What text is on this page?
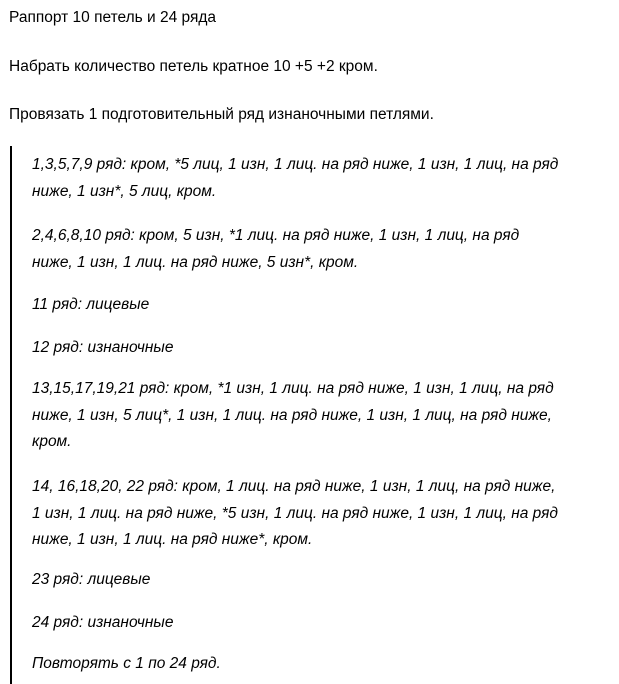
Раппорт 10 петель и 24 ряда

Набрать количество петель кратное 10 +5 +2 кром.

Провязать 1 подготовительный ряд изнаночными петлями.

1,3,5,7,9 ряд: кром, *5 лиц, 1 изн, 1 лиц. на ряд ниже, 1 изн, 1 лиц, на ряд
ниже, 1 изн*, 5 лиц, кром.

2,4,6,8,10 ряд: кром, 5 изн, *1 лиц. на ряд ниже, 1 изн, 1 лиц, на ряд
ниже, 1 изн, 1 лиц. на ряд ниже, 5 изн*, кром.

11 ряд: лицевые

12 ряд: изнаночные

13,15,17,19,21 ряд: кром, *1 изн, 1 лиц. на ряд ниже, 1 изн, 1 лиц, на ряд
ниже, 1 изн, 5 лиц*, 1 изн, 1 лиц. на ряд ниже, 1 изн, 1 лиц, на ряд ниже,
кром.

14, 16,18,20, 22 ряд: кром, 1 лиц. на ряд ниже, 1 изн, 1 лиц, на ряд ниже,
1 изн, 1 лиц. на ряд ниже, *5 изн, 1 лиц. на ряд ниже, 1 изн, 1 лиц, на ряд
ниже, 1 изн, 1 лиц. на ряд ниже*, кром.

23 ряд: лицевые

24 ряд: изнаночные

Повторять с 1 по 24 ряд.
